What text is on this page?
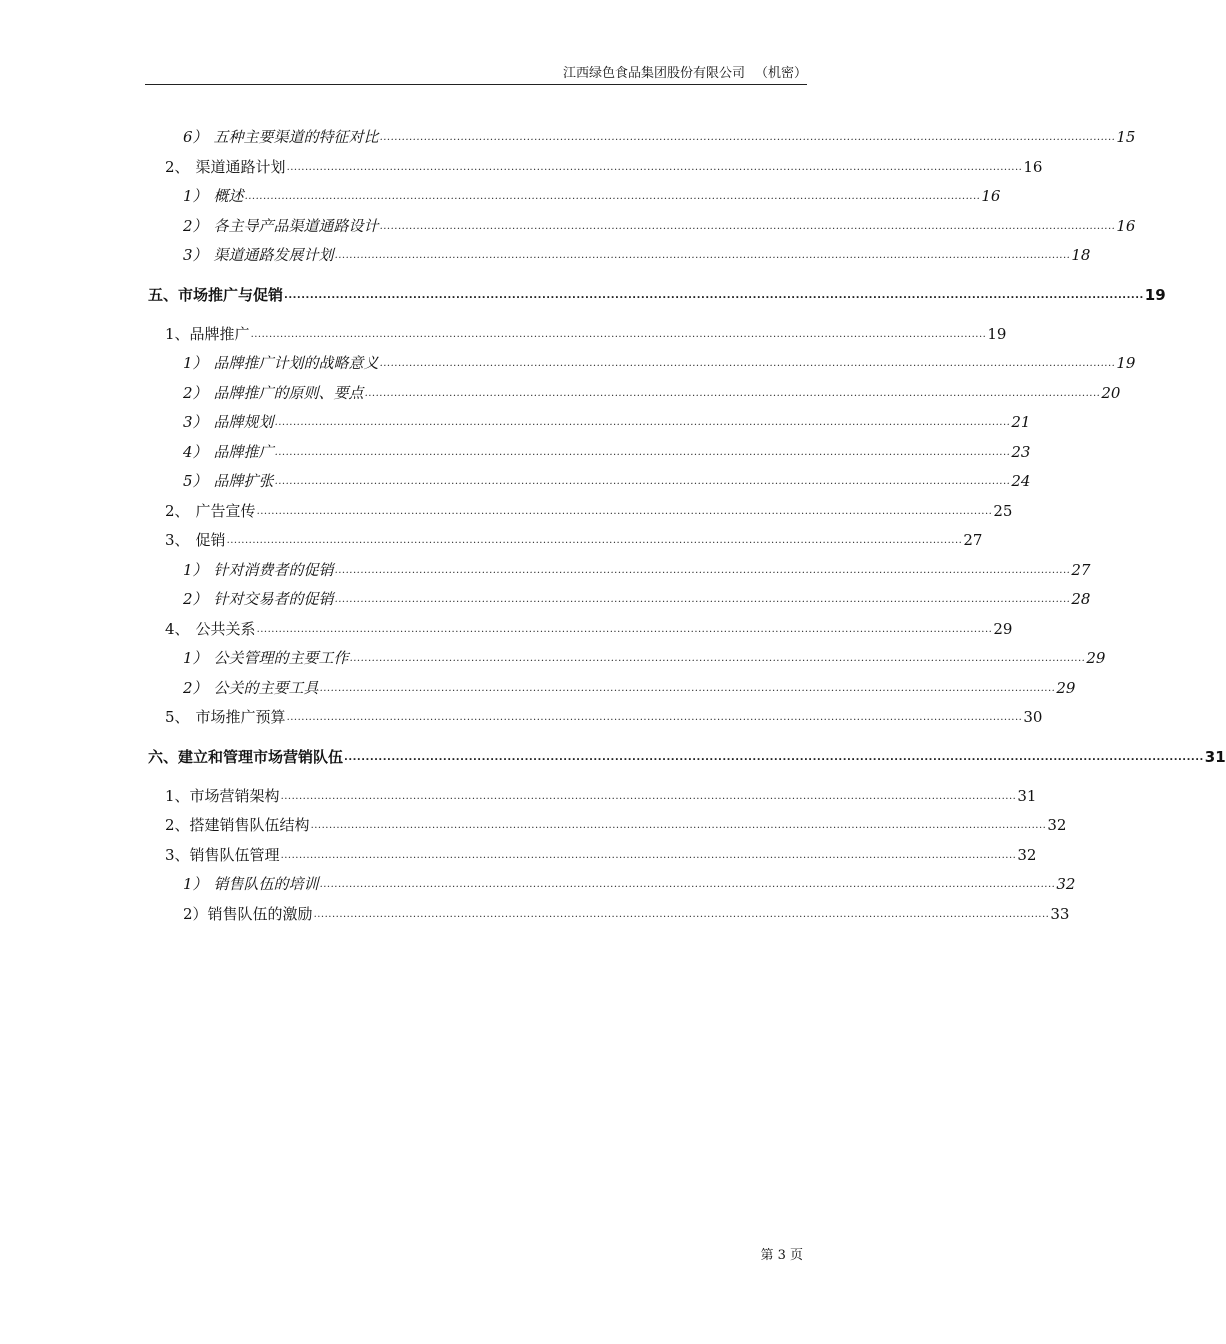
江西绿色食品集团股份有限公司 （机密）
6） 五种主要渠道的特征对比 ........................................................................................................................................................................................................ 15
2、 渠道通路计划 ........................................................................................................................................................................................................ 16
1） 概述 ........................................................................................................................................................................................................ 16
2） 各主导产品渠道通路设计 ........................................................................................................................................................................................................ 16
3） 渠道通路发展计划 ........................................................................................................................................................................................................ 18
五、 市场推广与促销 ........................................................................................................................................................................................................ 19
1、 品牌推广 ........................................................................................................................................................................................................ 19
1） 品牌推广计划的战略意义 ........................................................................................................................................................................................................ 19
2） 品牌推广的原则、要点 ........................................................................................................................................................................................................ 20
3） 品牌规划 ........................................................................................................................................................................................................ 21
4） 品牌推广 ........................................................................................................................................................................................................ 23
5） 品牌扩张 ........................................................................................................................................................................................................ 24
2、 广告宣传 ........................................................................................................................................................................................................ 25
3、 促销 ........................................................................................................................................................................................................ 27
1） 针对消费者的促销 ........................................................................................................................................................................................................ 27
2） 针对交易者的促销 ........................................................................................................................................................................................................ 28
4、 公共关系 ........................................................................................................................................................................................................ 29
1） 公关管理的主要工作 ........................................................................................................................................................................................................ 29
2） 公关的主要工具 ........................................................................................................................................................................................................ 29
5、 市场推广预算 ........................................................................................................................................................................................................ 30
六、 建立和管理市场营销队伍 ........................................................................................................................................................................................................ 31
1、 市场营销架构 ........................................................................................................................................................................................................ 31
2、 搭建销售队伍结构 ........................................................................................................................................................................................................ 32
3、 销售队伍管理 ........................................................................................................................................................................................................ 32
1） 销售队伍的培训 ........................................................................................................................................................................................................ 32
2） 销售队伍的激励 ........................................................................................................................................................................................................ 33
第 3 页
